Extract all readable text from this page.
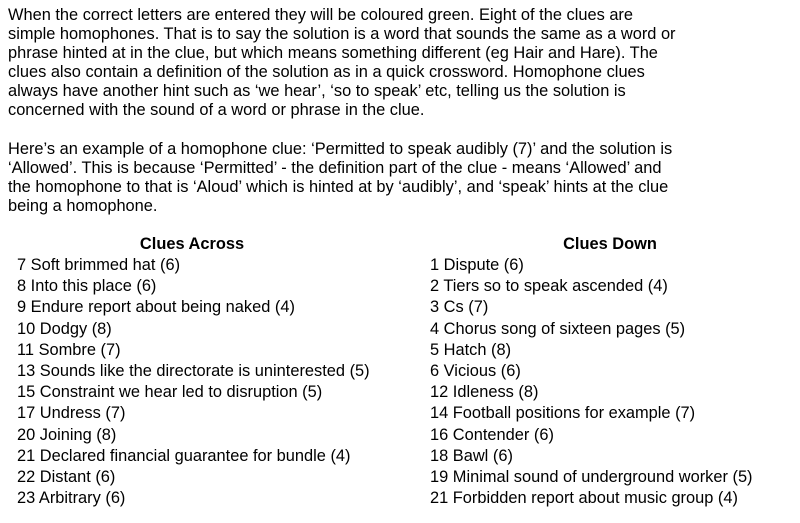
When the correct letters are entered they will be coloured green. Eight of the clues are
simple homophones. That is to say the solution is a word that sounds the same as a word or
phrase hinted at in the clue, but which means something different (eg Hair and Hare). The
clues also contain a definition of the solution as in a quick crossword. Homophone clues
always have another hint such as ‘we hear’, ‘so to speak’ etc, telling us the solution is
concerned with the sound of a word or phrase in the clue.

Here’s an example of a homophone clue: ‘Permitted to speak audibly (7)’ and the solution is
‘Allowed’. This is because ‘Permitted’ - the definition part of the clue - means ‘Allowed’ and
the homophone to that is ‘Aloud’ which is hinted at by ‘audibly’, and ‘speak’ hints at the clue
being a homophone.

Clues Across
7 Soft brimmed hat (6)
8 Into this place (6)
9 Endure report about being naked (4)
10 Dodgy (8)
11 Sombre (7)
13 Sounds like the directorate is uninterested (5)
15 Constraint we hear led to disruption (5)
17 Undress (7)
20 Joining (8)
21 Declared financial guarantee for bundle (4)
22 Distant (6)
23 Arbitrary (6)
Clues Down
1 Dispute (6)
2 Tiers so to speak ascended (4)
3 Cs (7)
4 Chorus song of sixteen pages (5)
5 Hatch (8)
6 Vicious (6)
12 Idleness (8)
14 Football positions for example (7)
16 Contender (6)
18 Bawl (6)
19 Minimal sound of underground worker (5)
21 Forbidden report about music group (4)
